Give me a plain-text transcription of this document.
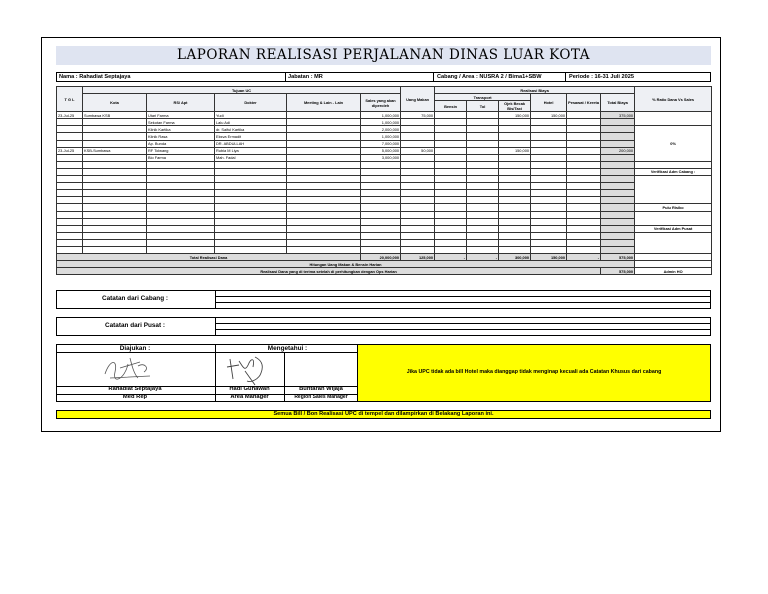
LAPORAN REALISASI PERJALANAN DINAS LUAR KOTA
Nama : Rahadiat Septajaya	Jabatan : MR	Cabang / Area : NUSRA 2 / Bima1+SBW	Periode : 16-31 Juli 2025
T G L	Tujuan UC					Uang Makan	Realisasi Biaya						% Ratio Dana Vs Sales
	Kota	RS/ Apt	Dokter	Meeting & Lain - Lain	Sales yang akan diperoleh		Transport			Hotel	Pesawat / Kereta	Total Biaya	
							Bensin	Tol	Ojek Becak Bis/Taxi				
23-Jul-25	Sumbawa KSB	Utari Farma	Yudi		1,000,000	75,000			150,000	150,000		375,000	
		Sekotan Farma	Lalu Adi		1,000,000								
		Klinik Kartika	dr. Saiful Kartika		2,000,000								0%
		Klinik Rasa	Eksva Ermadit		1,000,000								
		Ap. Bunda	DR. ABDULLAH		7,000,000								
23-Jul-25	KSB-Sumbawa	RF Tolwang	Rubia M Liya		5,000,000	50,000			150,000			200,000	
		Bio Farma	Mah. Fadal		3,000,000								

													Verifikasi Adm Cabang :

													Pulu Risiko

													Verifikasi Adm Pusat

Total Realisasi Dana					20,000,000	125,000	-	-	300,000	150,000	-	575,000	
Hitungan Uang Makan & Bensin Harian													
Realisasi Dana yang di terima setelah di perhitungkan dengan Ops Harian												575,000	Admin HO
Catatan dari Cabang :
Catatan dari Pusat :
Diajukan :	Mengetahui :
Rahadiat Septajaya
Med Rep
Hadi Gunawan
Area Manager
Buntaran Wijaja
Region Sales Manager
Jika UPC tidak ada bill Hotel maka dianggap tidak menginap kecuali ada Catatan Khusus dari cabang
Semua Bill / Bon Realisasi UPC di tempel dan dilampirkan di Belakang Laporan ini.
